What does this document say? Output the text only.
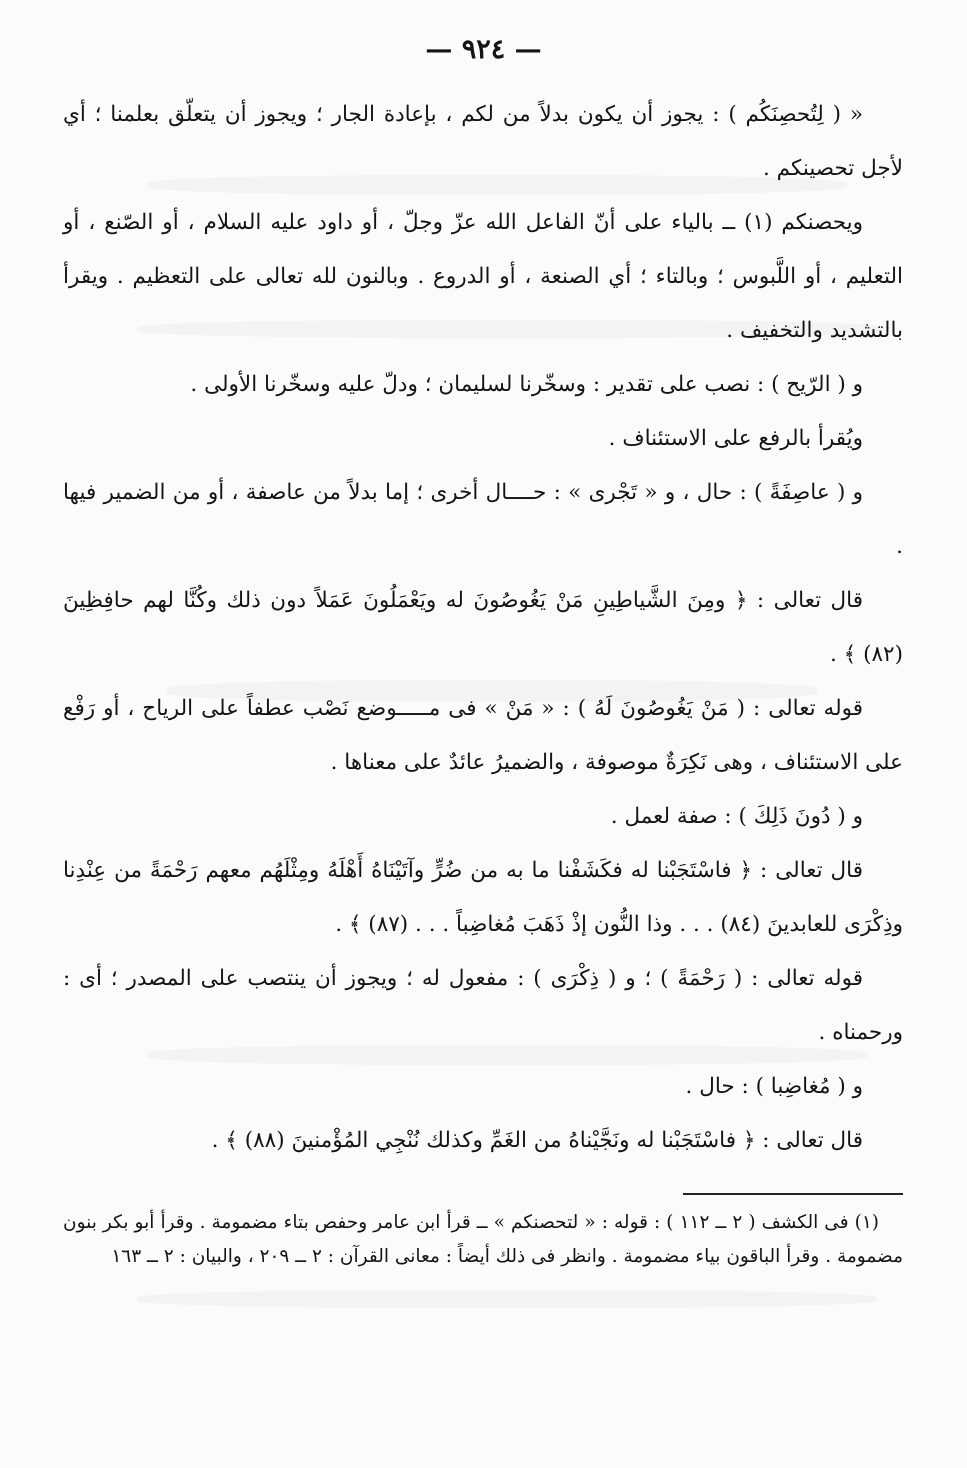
— ٩٢٤ —

« ( لِتُحصِنَكُم ) : يجوز أن يكون بدلاً من لكم ، بإعادة الجار ؛ ويجوز أن يتعلّق بعلمنا ؛ أي لأجل تحصينكم .

ويحصنكم (١) ــ بالياء على أنّ الفاعل الله عزّ وجلّ ، أو داود عليه السلام ، أو الصّنع ، أو التعليم ، أو اللَّبوس ؛ وبالتاء ؛ أي الصنعة ، أو الدروع . وبالنون لله تعالى على التعظيم . ويقرأ بالتشديد والتخفيف .

و ( الرّيح ) : نصب على تقدير : وسخّرنا لسليمان ؛ ودلّ عليه وسخّرنا الأولى .

ويُقرأ بالرفع على الاستئناف .

و ( عاصِفَةً ) : حال ، و « تَجْرى » : حــــال أخرى ؛ إما بدلاً من عاصفة ، أو من الضمير فيها .

قال تعالى : ﴿ ومِنَ الشَّياطِينِ مَنْ يَغُوصُونَ له ويَعْمَلُونَ عَمَلاً دون ذلك وكُنَّا لهم حافِظِينَ (٨٢) ﴾ .

قوله تعالى : ( مَنْ يَغُوصُونَ لَهُ ) : « مَنْ » فى مـــــوضع نَصْب عطفاً على الرياح ، أو رَفْع على الاستئناف ، وهى نَكِرَةٌ موصوفة ، والضميرُ عائدٌ على معناها .

و ( دُونَ ذَلِكَ ) : صفة لعمل .

قال تعالى : ﴿ فاسْتَجَبْنا له فكَشَفْنا ما به من ضُرٍّ وآتَيْنَاهُ أَهْلَهُ ومِثْلَهُم معهم رَحْمَةً من عِنْدِنا وذِكْرَى للعابدينَ (٨٤) . . . وذا النُّون إذْ ذَهَبَ مُغاضِباً . . . (٨٧) ﴾ .

قوله تعالى : ( رَحْمَةً ) ؛ و ( ذِكْرَى ) : مفعول له ؛ ويجوز أن ينتصب على المصدر ؛ أى : ورحمناه .

و ( مُغاضِبا ) : حال .

قال تعالى : ﴿ فاسْتَجَبْنا له ونَجَّيْناهُ من الغَمِّ وكذلك نُنْجِي المُؤْمنينَ (٨٨) ﴾ .

(١) فى الكشف ( ٢ ــ ١١٢ ) : قوله : « لتحصنكم » ــ قرأ ابن عامر وحفص بتاء مضمومة . وقرأ أبو بكر بنون مضمومة . وقرأ الباقون بياء مضمومة . وانظر فى ذلك أيضاً : معانى القرآن : ٢ ــ ٢٠٩ ، والبيان : ٢ ــ ١٦٣
